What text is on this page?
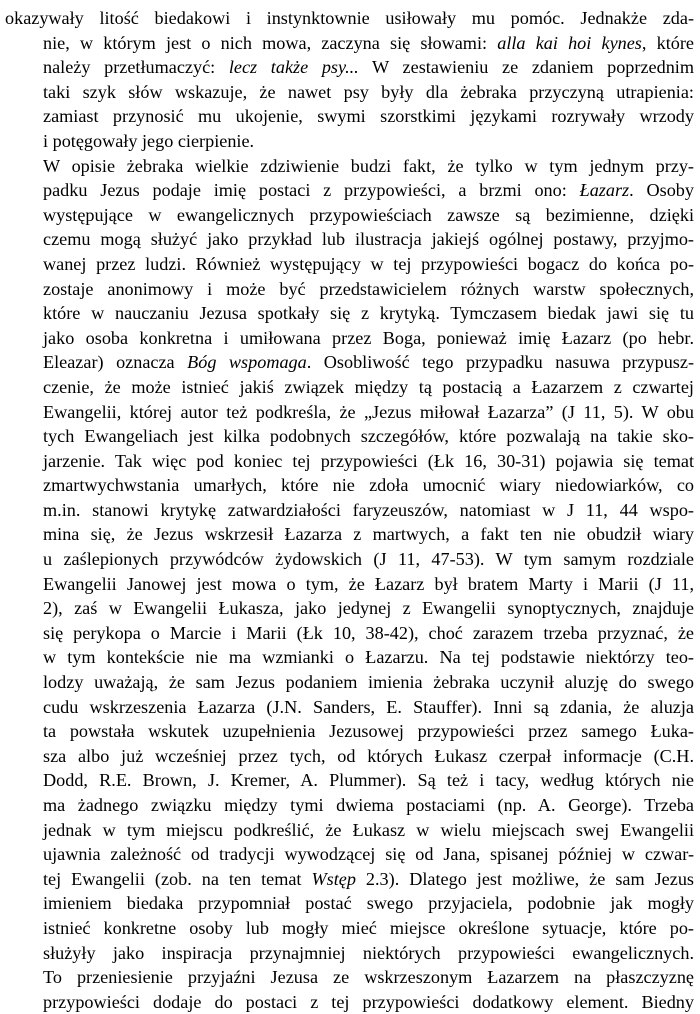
okazywały litość biedakowi i instynktownie usiłowały mu pomóc. Jednakże zda-
nie, w którym jest o nich mowa, zaczyna się słowami: alla kai hoi kynes, które
należy przetłumaczyć: lecz także psy... W zestawieniu ze zdaniem poprzednim
taki szyk słów wskazuje, że nawet psy były dla żebraka przyczyną utrapienia:
zamiast przynosić mu ukojenie, swymi szorstkimi językami rozrywały wrzody
i potęgowały jego cierpienie.
W opisie żebraka wielkie zdziwienie budzi fakt, że tylko w tym jednym przy-
padku Jezus podaje imię postaci z przypowieści, a brzmi ono: Łazarz. Osoby
występujące w ewangelicznych przypowieściach zawsze są bezimienne, dzięki
czemu mogą służyć jako przykład lub ilustracja jakiejś ogólnej postawy, przyjmo-
wanej przez ludzi. Również występujący w tej przypowieści bogacz do końca po-
zostaje anonimowy i może być przedstawicielem różnych warstw społecznych,
które w nauczaniu Jezusa spotkały się z krytyką. Tymczasem biedak jawi się tu
jako osoba konkretna i umiłowana przez Boga, ponieważ imię Łazarz (po hebr.
Eleazar) oznacza Bóg wspomaga. Osobliwość tego przypadku nasuwa przypusz-
czenie, że może istnieć jakiś związek między tą postacią a Łazarzem z czwartej
Ewangelii, której autor też podkreśla, że „Jezus miłował Łazarza” (J 11, 5). W obu
tych Ewangeliach jest kilka podobnych szczegółów, które pozwalają na takie sko-
jarzenie. Tak więc pod koniec tej przypowieści (Łk 16, 30-31) pojawia się temat
zmartwychwstania umarłych, które nie zdoła umocnić wiary niedowiarków, co
m.in. stanowi krytykę zatwardziałości faryzeuszów, natomiast w J 11, 44 wspo-
mina się, że Jezus wskrzesił Łazarza z martwych, a fakt ten nie obudził wiary
u zaślepionych przywódców żydowskich (J 11, 47-53). W tym samym rozdziale
Ewangelii Janowej jest mowa o tym, że Łazarz był bratem Marty i Marii (J 11,
2), zaś w Ewangelii Łukasza, jako jedynej z Ewangelii synoptycznych, znajduje
się perykopa o Marcie i Marii (Łk 10, 38-42), choć zarazem trzeba przyznać, że
w tym kontekście nie ma wzmianki o Łazarzu. Na tej podstawie niektórzy teo-
lodzy uważają, że sam Jezus podaniem imienia żebraka uczynił aluzję do swego
cudu wskrzeszenia Łazarza (J.N. Sanders, E. Stauffer). Inni są zdania, że aluzja
ta powstała wskutek uzupełnienia Jezusowej przypowieści przez samego Łuka-
sza albo już wcześniej przez tych, od których Łukasz czerpał informacje (C.H.
Dodd, R.E. Brown, J. Kremer, A. Plummer). Są też i tacy, według których nie
ma żadnego związku między tymi dwiema postaciami (np. A. George). Trzeba
jednak w tym miejscu podkreślić, że Łukasz w wielu miejscach swej Ewangelii
ujawnia zależność od tradycji wywodzącej się od Jana, spisanej później w czwar-
tej Ewangelii (zob. na ten temat Wstęp 2.3). Dlatego jest możliwe, że sam Jezus
imieniem biedaka przypomniał postać swego przyjaciela, podobnie jak mogły
istnieć konkretne osoby lub mogły mieć miejsce określone sytuacje, które po-
służyły jako inspiracja przynajmniej niektórych przypowieści ewangelicznych.
To przeniesienie przyjaźni Jezusa ze wskrzeszonym Łazarzem na płaszczyznę
przypowieści dodaje do postaci z tej przypowieści dodatkowy element. Biedny
